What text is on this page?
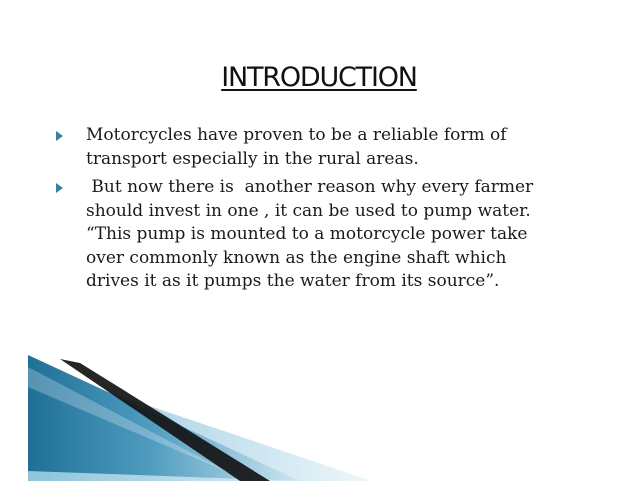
INTRODUCTION
Motorcycles have proven to be a reliable form of transport especially in the rural areas.
But now there is  another reason why every farmer should invest in one , it can be used to pump water. “This pump is mounted to a motorcycle power take over commonly known as the engine shaft which drives it as it pumps the water from its source”.
